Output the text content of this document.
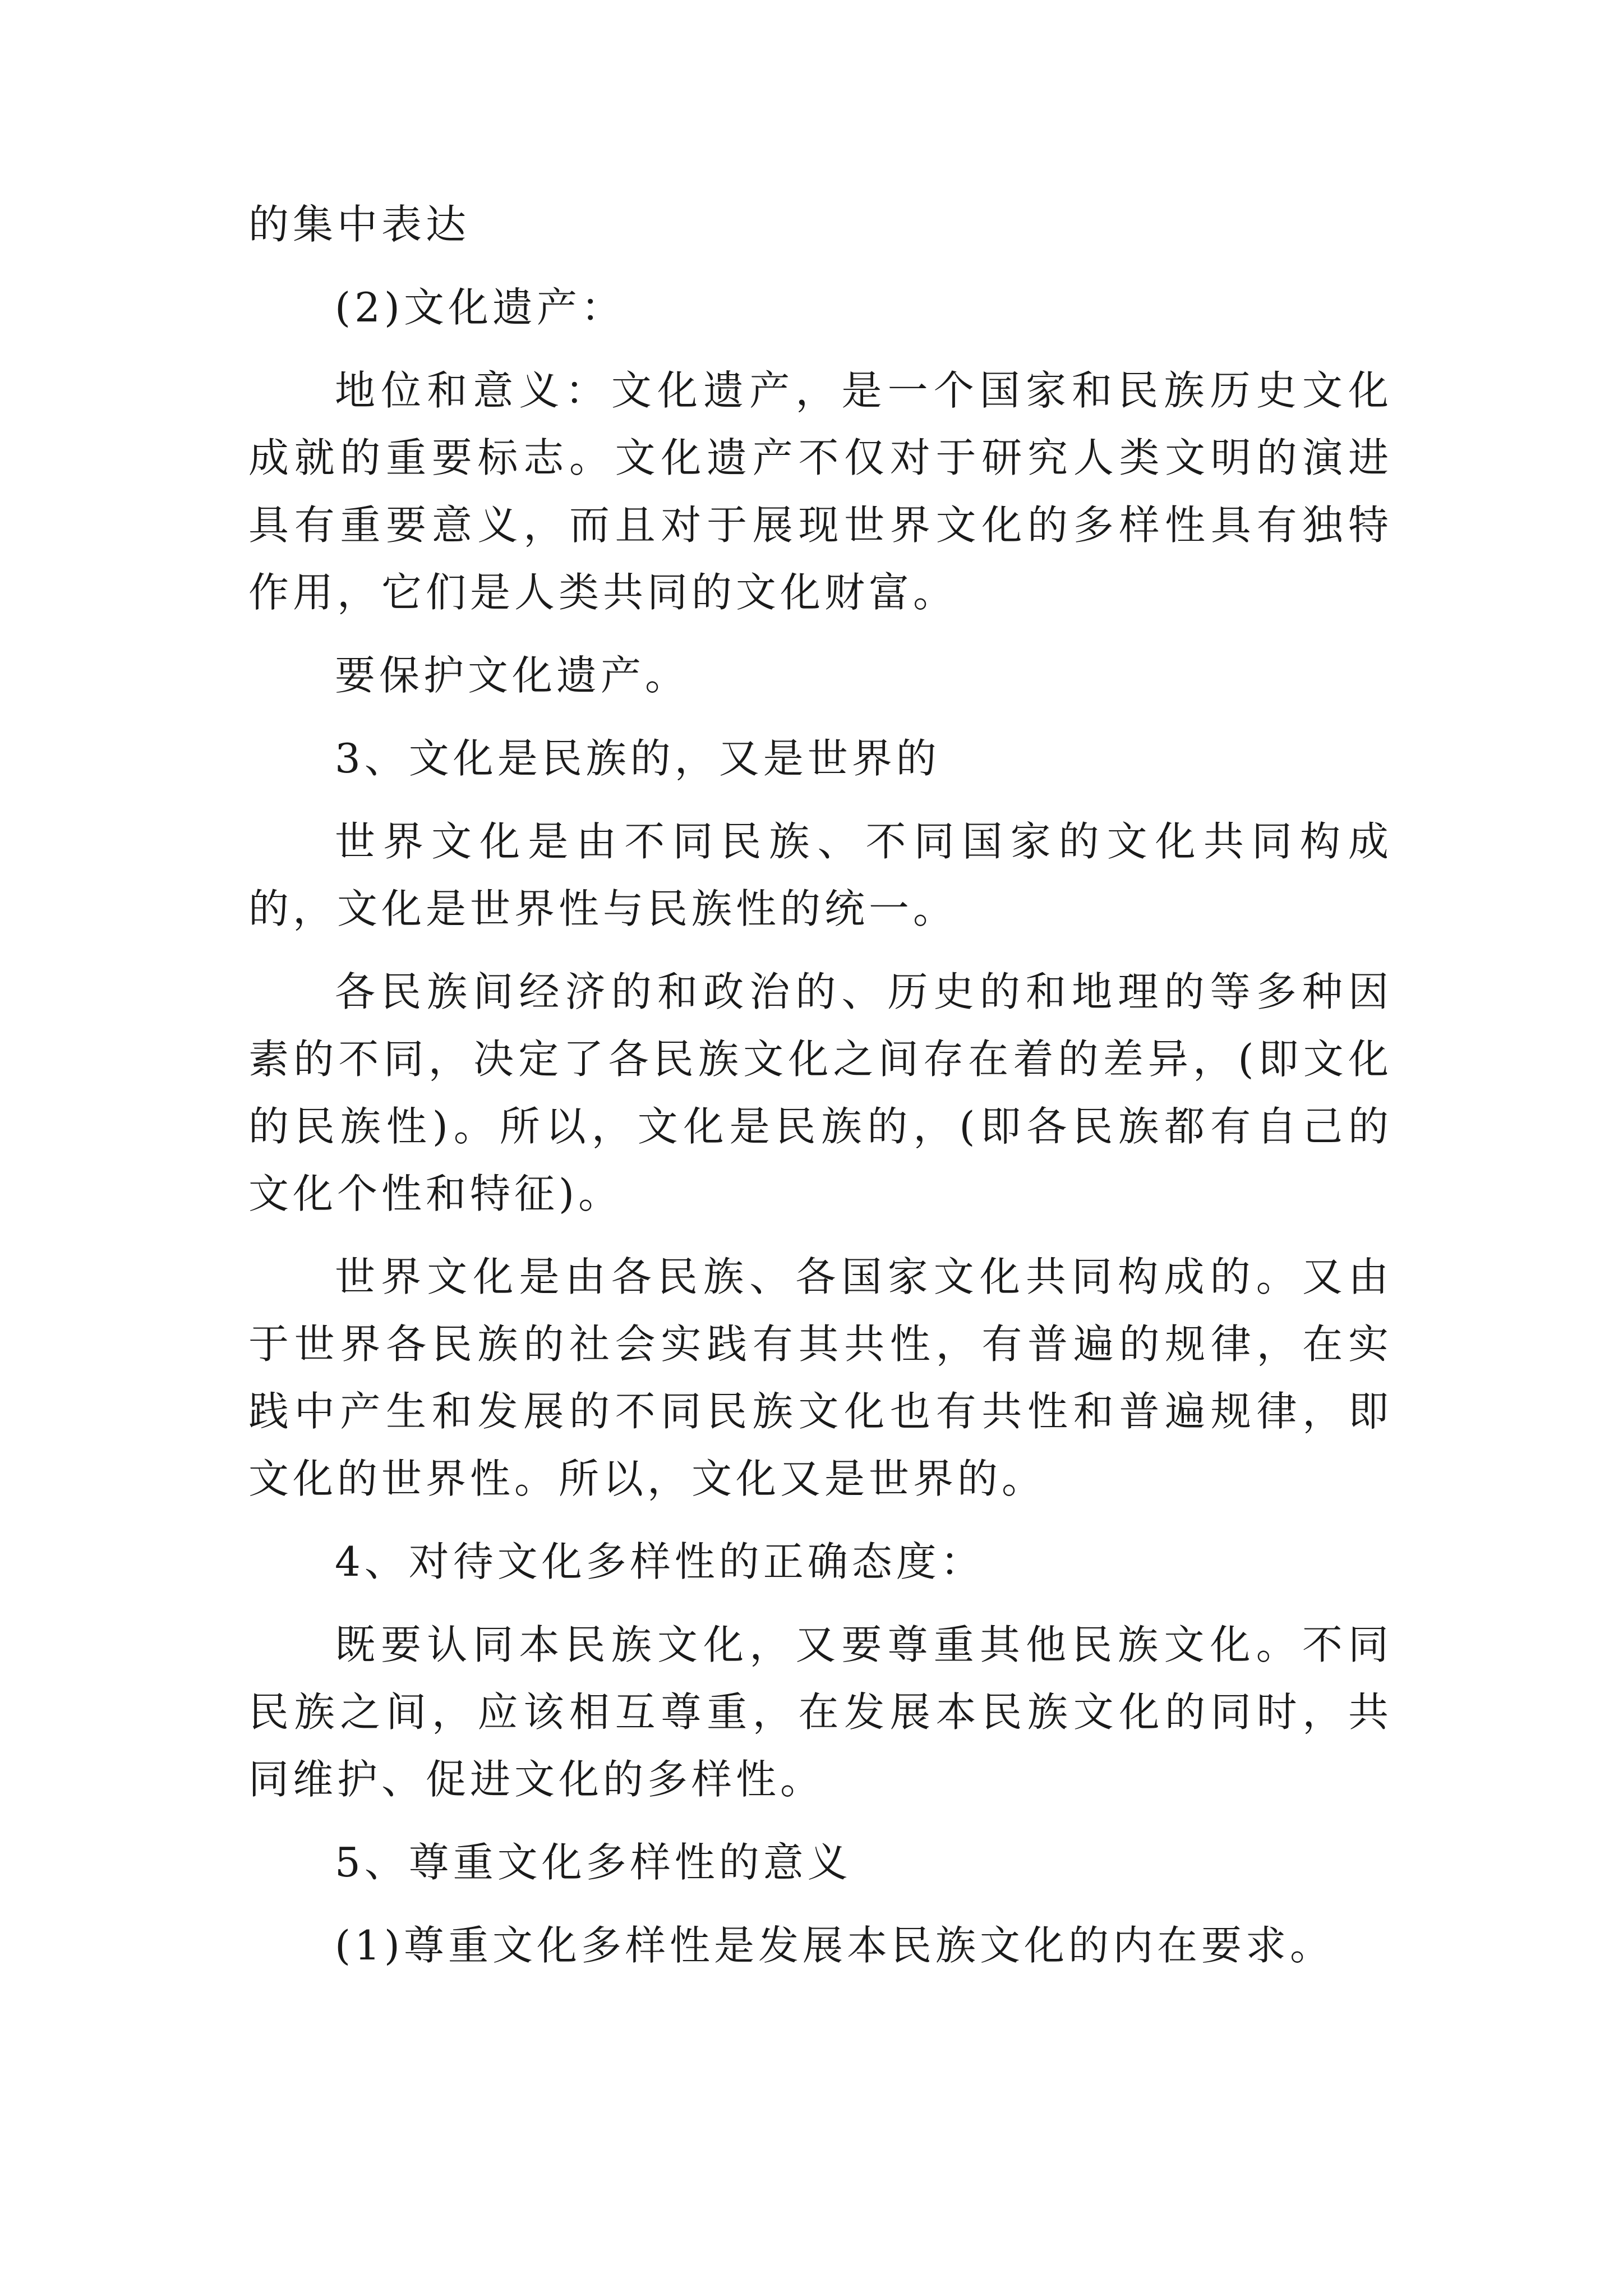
的集中表达

(2)文化遗产：

地位和意义：文化遗产，是一个国家和民族历史文化成就的重要标志。文化遗产不仅对于研究人类文明的演进具有重要意义，而且对于展现世界文化的多样性具有独特作用，它们是人类共同的文化财富。

要保护文化遗产。

3、文化是民族的，又是世界的

世界文化是由不同民族、不同国家的文化共同构成的，文化是世界性与民族性的统一。

各民族间经济的和政治的、历史的和地理的等多种因素的不同，决定了各民族文化之间存在着的差异，(即文化的民族性)。所以，文化是民族的，(即各民族都有自己的文化个性和特征)。

世界文化是由各民族、各国家文化共同构成的。又由于世界各民族的社会实践有其共性，有普遍的规律，在实践中产生和发展的不同民族文化也有共性和普遍规律，即文化的世界性。所以，文化又是世界的。

4、对待文化多样性的正确态度：

既要认同本民族文化，又要尊重其他民族文化。不同民族之间，应该相互尊重，在发展本民族文化的同时，共同维护、促进文化的多样性。

5、尊重文化多样性的意义

(1)尊重文化多样性是发展本民族文化的内在要求。
